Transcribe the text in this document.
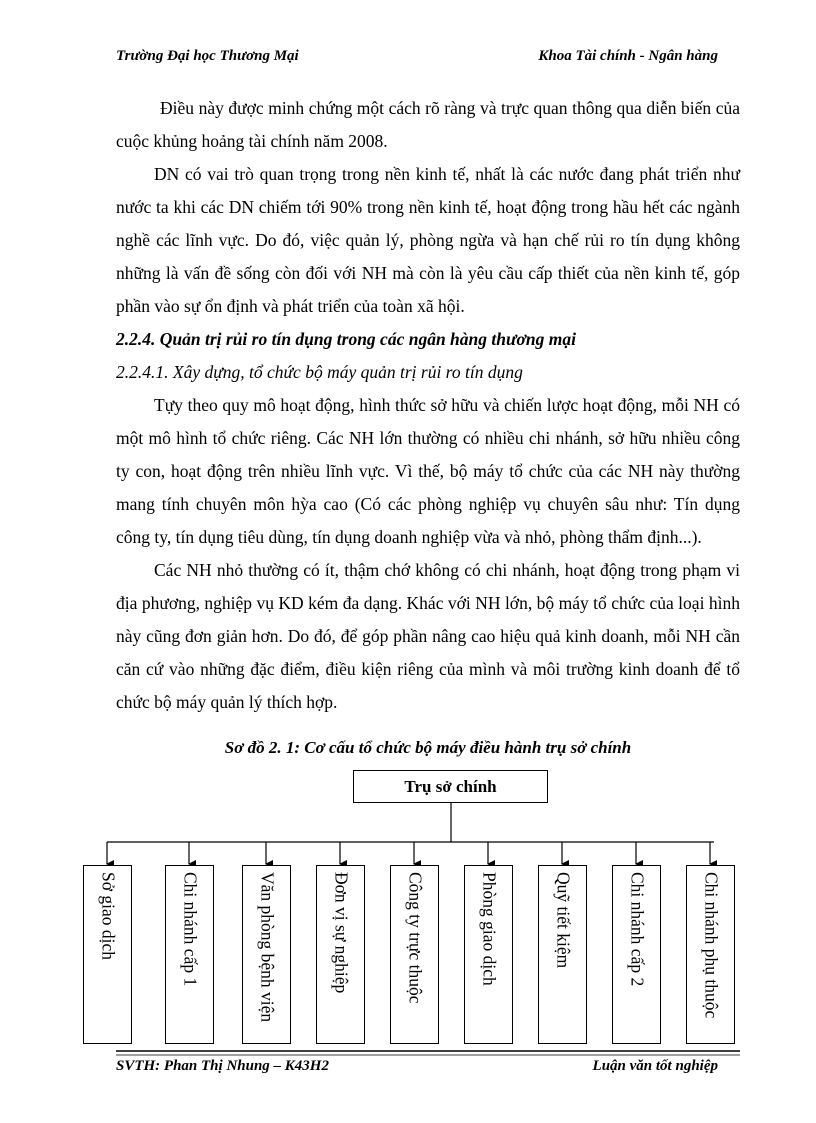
Trường Đại học Thương Mại	Khoa Tài chính - Ngân hàng

Điều này được minh chứng một cách rõ ràng và trực quan thông qua diễn biến của cuộc khủng hoảng tài chính năm 2008.

DN có vai trò quan trọng trong nền kinh tế, nhất là các nước đang phát triển như nước ta khi các DN chiếm tới 90% trong nền kinh tế, hoạt động trong hầu hết các ngành nghề các lĩnh vực. Do đó, việc quản lý, phòng ngừa và hạn chế rủi ro tín dụng không những là vấn đề sống còn đối với NH mà còn là yêu cầu cấp thiết của nền kinh tế, góp phần vào sự ổn định và phát triển của toàn xã hội.

2.2.4. Quản trị rủi ro tín dụng trong các ngân hàng thương mại

2.2.4.1. Xây dựng, tổ chức bộ máy quản trị rủi ro tín dụng

Tựy theo quy mô hoạt động, hình thức sở hữu và chiến lược hoạt động, mỗi NH có một mô hình tổ chức riêng. Các NH lớn thường có nhiều chi nhánh, sở hữu nhiều công ty con, hoạt động trên nhiều lĩnh vực. Vì thế, bộ máy tổ chức của các NH này thường mang tính chuyên môn hỳa cao (Có các phòng nghiệp vụ chuyên sâu như: Tín dụng công ty, tín dụng tiêu dùng, tín dụng doanh nghiệp vừa và nhỏ, phòng thẩm định...).

Các NH nhỏ thường có ít, thậm chớ không có chi nhánh, hoạt động trong phạm vi địa phương, nghiệp vụ KD kém đa dạng. Khác với NH lớn, bộ máy tổ chức của loại hình này cũng đơn giản hơn. Do đó, để góp phần nâng cao hiệu quả kinh doanh, mỗi NH cần căn cứ vào những đặc điểm, điều kiện riêng của mình và môi trường kinh doanh để tổ chức bộ máy quản lý thích hợp.

Sơ đồ 2. 1: Cơ cấu tổ chức bộ máy điều hành trụ sở chính
Trụ sở chính
Sở giao dịch	Chi nhánh cấp 1	Văn phòng bệnh viện	Đơn vị sự nghiệp	Công ty trực thuộc	Phòng giao dịch	Quỹ tiết kiệm	Chi nhánh cấp 2	Chi nhánh phụ thuộc
SVTH: Phan Thị Nhung – K43H2	Luận văn tốt nghiệp
